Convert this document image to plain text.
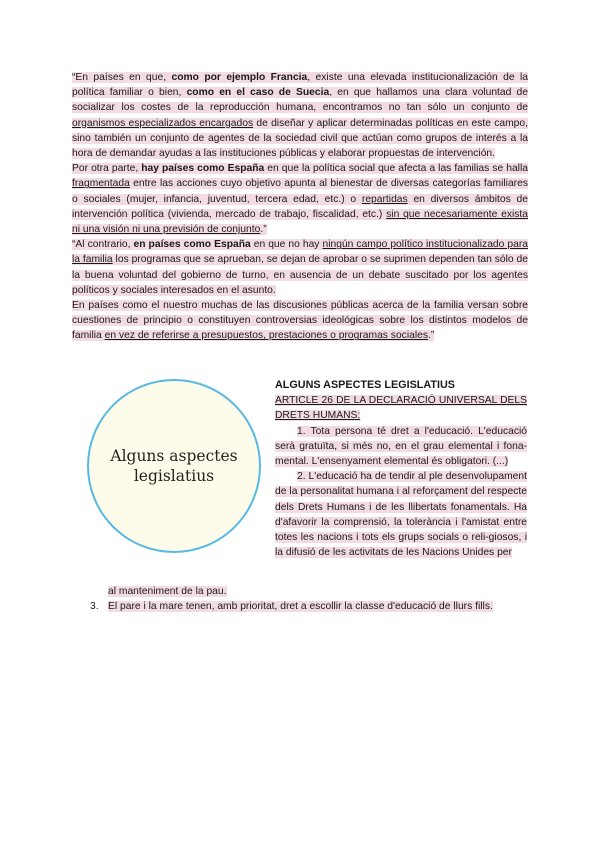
“En países en que, como por ejemplo Francia, existe una elevada institucionalización de la política familiar o bien, como en el caso de Suecia, en que hallamos una clara voluntad de socializar los costes de la reproducción humana, encontramos no tan sólo un conjunto de organismos especializados encargados de diseñar y aplicar determinadas políticas en este campo, sino también un conjunto de agentes de la sociedad civil que actúan como grupos de interés a la hora de demandar ayudas a las instituciones públicas y elaborar propuestas de intervención.

Por otra parte, hay países como España en que la política social que afecta a las familias se halla fragmentada entre las acciones cuyo objetivo apunta al bienestar de diversas categorías familiares o sociales (mujer, infancia, juventud, tercera edad, etc.) o repartidas en diversos ámbitos de intervención política (vivienda, mercado de trabajo, fiscalidad, etc.) sin que necesariamente exista ni una visión ni una previsión de conjunto.”

“Al contrario, en países como España en que no hay ningún campo político institucionalizado para la familia los programas que se aprueban, se dejan de aprobar o se suprimen dependen tan sólo de la buena voluntad del gobierno de turno, en ausencia de un debate suscitado por los agentes políticos y sociales interesados en el asunto.

En países como el nuestro muchas de las discusiones públicas acerca de la familia versan sobre cuestiones de principio o constituyen controversias ideológicas sobre los distintos modelos de familia en vez de referirse a presupuestos, prestaciones o programas sociales.”

Alguns aspectes
legislatius

ALGUNS ASPECTES LEGISLATIUS

ARTICLE 26 DE LA DECLARACIÓ UNIVERSAL DELS DRETS HUMANS:

1. Tota persona té dret a l'educació. L'educació serà gratuïta, si més no, en el grau elemental i fona-mental. L'ensenyament elemental és obligatori. (...)

2. L'educació ha de tendir al ple desenvolupament de la personalitat humana i al reforçament del respecte dels Drets Humans i de les llibertats fonamentals. Ha d'afavorir la comprensió, la tolerància i l'amistat entre totes les nacions i tots els grups socials o reli-giosos, i la difusió de les activitats de les Nacions Unides per

al manteniment de la pau.
3. El pare i la mare tenen, amb prioritat, dret a escollir la classe d'educació de llurs fills.
